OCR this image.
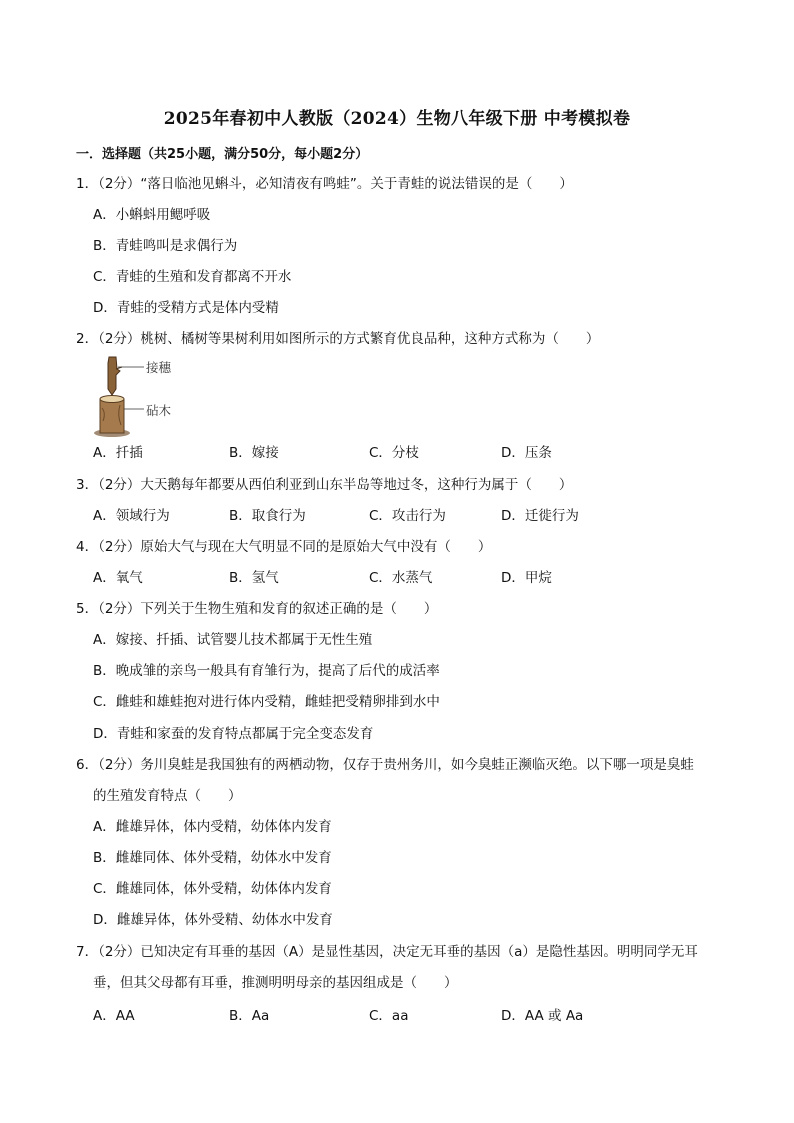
2025年春初中人教版（2024）生物八年级下册 中考模拟卷
一．选择题（共25小题，满分50分，每小题2分）
1．（2分）“落日临池见蝌斗，必知清夜有鸣蛙”。关于青蛙的说法错误的是（　　）
A．小蝌蚪用鳃呼吸
B．青蛙鸣叫是求偶行为
C．青蛙的生殖和发育都离不开水
D．青蛙的受精方式是体内受精
2．（2分）桃树、橘树等果树利用如图所示的方式繁育优良品种，这种方式称为（　　）
接穗
砧木
A．扦插	B．嫁接	C．分枝	D．压条
3．（2分）大天鹅每年都要从西伯利亚到山东半岛等地过冬，这种行为属于（　　）
A．领域行为	B．取食行为	C．攻击行为	D．迁徙行为
4．（2分）原始大气与现在大气明显不同的是原始大气中没有（　　）
A．氧气	B．氢气	C．水蒸气	D．甲烷
5．（2分）下列关于生物生殖和发育的叙述正确的是（　　）
A．嫁接、扦插、试管婴儿技术都属于无性生殖
B．晚成雏的亲鸟一般具有育雏行为，提高了后代的成活率
C．雌蛙和雄蛙抱对进行体内受精，雌蛙把受精卵排到水中
D．青蛙和家蚕的发育特点都属于完全变态发育
6．（2分）务川臭蛙是我国独有的两栖动物，仅存于贵州务川，如今臭蛙正濒临灭绝。以下哪一项是臭蛙
的生殖发育特点（　　）
A．雌雄异体，体内受精，幼体体内发育
B．雌雄同体、体外受精，幼体水中发育
C．雌雄同体，体外受精，幼体体内发育
D．雌雄异体，体外受精、幼体水中发育
7．（2分）已知决定有耳垂的基因（A）是显性基因，决定无耳垂的基因（a）是隐性基因。明明同学无耳
垂，但其父母都有耳垂，推测明明母亲的基因组成是（　　）
A．AA	B．Aa	C．aa	D．AA 或 Aa
